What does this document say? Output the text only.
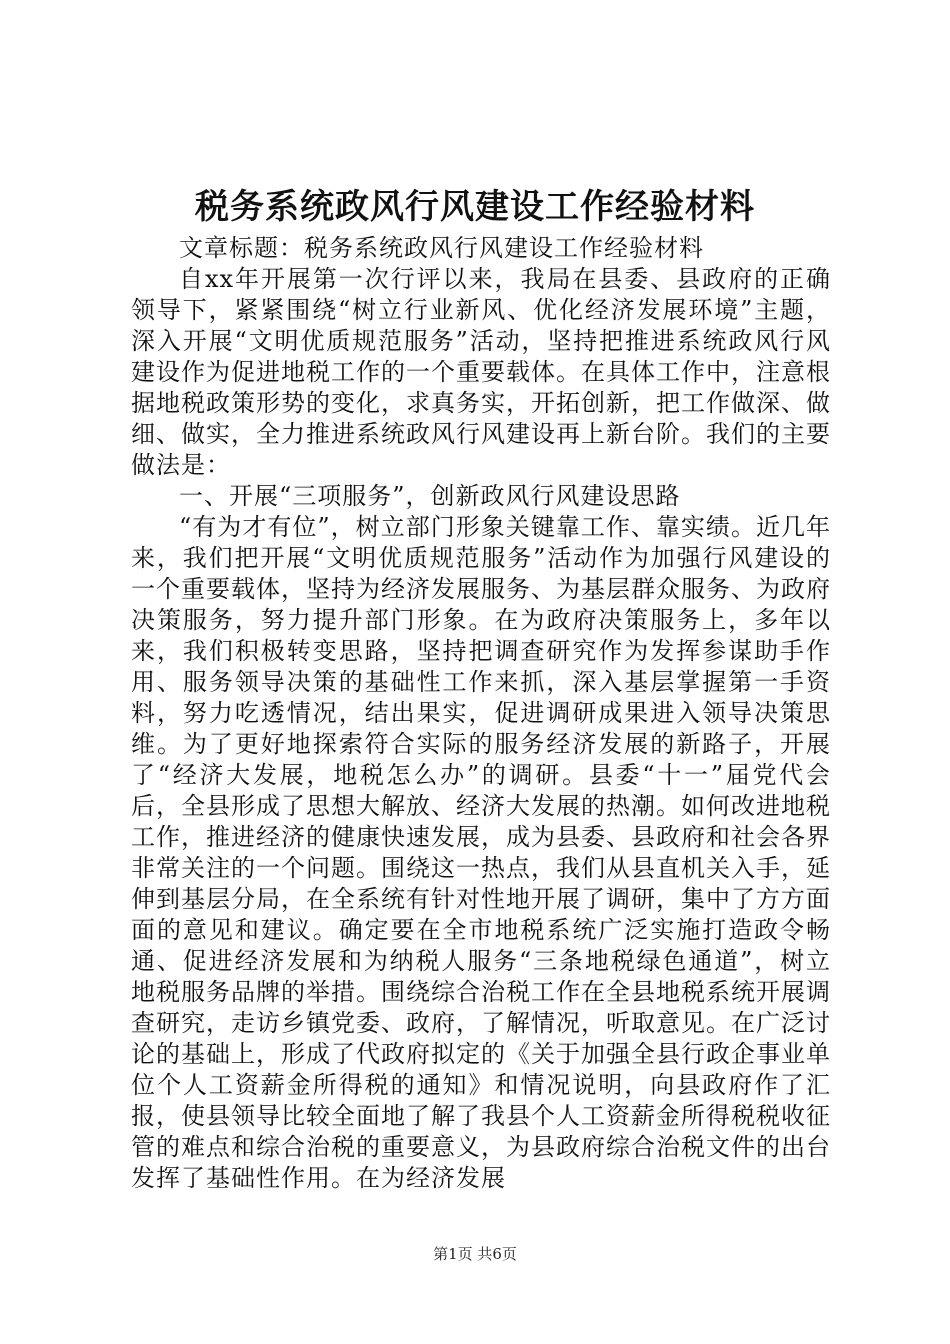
税务系统政风行风建设工作经验材料

文章标题：税务系统政风行风建设工作经验材料

自xx年开展第一次行评以来，我局在县委、县政府的正确领导下，紧紧围绕“树立行业新风、优化经济发展环境”主题，深入开展“文明优质规范服务”活动，坚持把推进系统政风行风建设作为促进地税工作的一个重要载体。在具体工作中，注意根据地税政策形势的变化，求真务实，开拓创新，把工作做深、做细、做实，全力推进系统政风行风建设再上新台阶。我们的主要做法是：

一、开展“三项服务”，创新政风行风建设思路

“有为才有位”，树立部门形象关键靠工作、靠实绩。近几年来，我们把开展“文明优质规范服务”活动作为加强行风建设的一个重要载体，坚持为经济发展服务、为基层群众服务、为政府决策服务，努力提升部门形象。在为政府决策服务上，多年以来，我们积极转变思路，坚持把调查研究作为发挥参谋助手作用、服务领导决策的基础性工作来抓，深入基层掌握第一手资料，努力吃透情况，结出果实，促进调研成果进入领导决策思维。为了更好地探索符合实际的服务经济发展的新路子，开展了“经济大发展，地税怎么办”的调研。县委“十一”届党代会后，全县形成了思想大解放、经济大发展的热潮。如何改进地税工作，推进经济的健康快速发展，成为县委、县政府和社会各界非常关注的一个问题。围绕这一热点，我们从县直机关入手，延伸到基层分局，在全系统有针对性地开展了调研，集中了方方面面的意见和建议。确定要在全市地税系统广泛实施打造政令畅通、促进经济发展和为纳税人服务“三条地税绿色通道”，树立地税服务品牌的举措。围绕综合治税工作在全县地税系统开展调查研究，走访乡镇党委、政府，了解情况，听取意见。在广泛讨论的基础上，形成了代政府拟定的《关于加强全县行政企事业单位个人工资薪金所得税的通知》和情况说明，向县政府作了汇报，使县领导比较全面地了解了我县个人工资薪金所得税税收征管的难点和综合治税的重要意义，为县政府综合治税文件的出台发挥了基础性作用。在为经济发展

第1页 共6页
